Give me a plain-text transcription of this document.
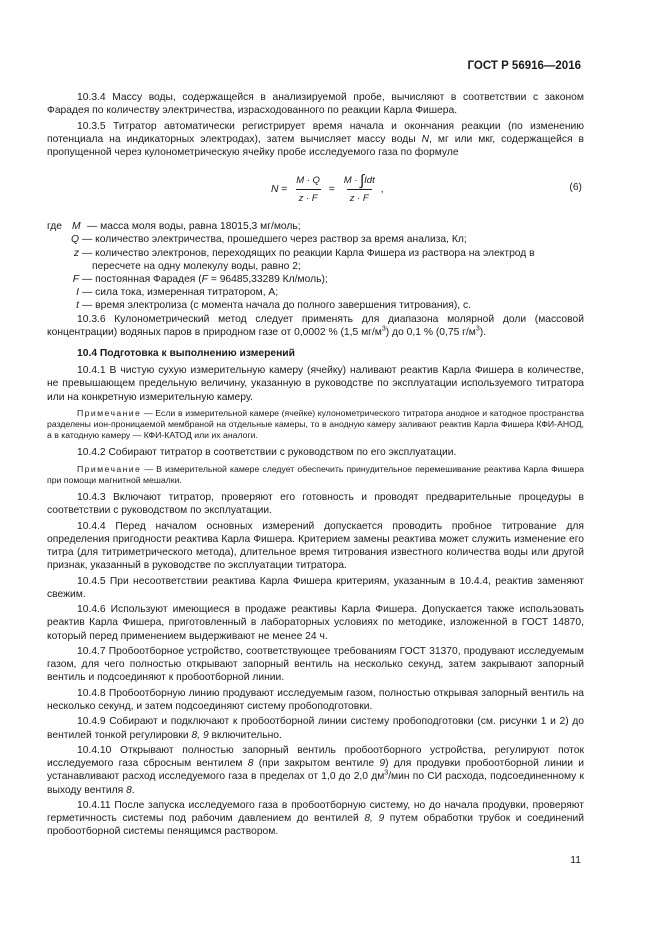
ГОСТ Р 56916—2016

10.3.4 Массу воды, содержащейся в анализируемой пробе, вычисляют в соответствии с законом Фарадея по количеству электричества, израсходованного по реакции Карла Фишера.

10.3.5 Титратор автоматически регистрирует время начала и окончания реакции (по изменению потенциала на индикаторных электродах), затем вычисляет массу воды N, мг или мкг, содержащейся в пропущенной через кулонометрическую ячейку пробе исследуемого газа по формуле

$N = \frac{M \cdot Q}{z \cdot F} = \frac{\text{M · ∫Idt}}{z \cdot F}$ ,	(6)
где M — масса моля воды, равна 18015,3 мг/моль;
Q — количество электричества, прошедшего через раствор за время анализа, Кл;
z — количество электронов, переходящих по реакции Карла Фишера из раствора на электрод в
пересчете на одну молекулу воды, равно 2;
F — постоянная Фарадея (F = 96485,33289 Кл/моль);
I — сила тока, измеренная титратором, А;
t — время электролиза (с момента начала до полного завершения титрования), с.

10.3.6 Кулонометрический метод следует применять для диапазона молярной доли (массовой концентрации) водяных паров в природном газе от 0,0002 % (1,5 $мг/м^3$) до 0,1 % (0,75 $г/м^3$).

10.4 Подготовка к выполнению измерений

10.4.1 В чистую сухую измерительную камеру (ячейку) наливают реактив Карла Фишера в количестве, не превышающем предельную величину, указанную в руководстве по эксплуатации используемого титратора или на конкретную измерительную камеру.

Примечание — Если в измерительной камере (ячейке) кулонометрического титратора анодное и катодное пространства разделены ион-проницаемой мембраной на отдельные камеры, то в анодную камеру заливают реактив Карла Фишера КФИ-АНОД, а в катодную камеру — КФИ-КАТОД или их аналоги.

10.4.2 Собирают титратор в соответствии с руководством по его эксплуатации.

Примечание — В измерительной камере следует обеспечить принудительное перемешивание реактива Карла Фишера при помощи магнитной мешалки.

10.4.3 Включают титратор, проверяют его готовность и проводят предварительные процедуры в соответствии с руководством по эксплуатации.

10.4.4 Перед началом основных измерений допускается проводить пробное титрование для определения пригодности реактива Карла Фишера. Критерием замены реактива может служить изменение его титра (для титриметрического метода), длительное время титрования известного количества воды или другой признак, указанный в руководстве по эксплуатации титратора.

10.4.5 При несоответствии реактива Карла Фишера критериям, указанным в 10.4.4, реактив заменяют свежим.

10.4.6 Используют имеющиеся в продаже реактивы Карла Фишера. Допускается также использовать реактив Карла Фишера, приготовленный в лабораторных условиях по методике, изложенной в ГОСТ 14870, который перед применением выдерживают не менее 24 ч.

10.4.7 Пробоотборное устройство, соответствующее требованиям ГОСТ 31370, продувают исследуемым газом, для чего полностью открывают запорный вентиль на несколько секунд, затем закрывают запорный вентиль и подсоединяют к пробоотборной линии.

10.4.8 Пробоотборную линию продувают исследуемым газом, полностью открывая запорный вентиль на несколько секунд, и затем подсоединяют систему пробоподготовки.

10.4.9 Собирают и подключают к пробоотборной линии систему пробоподготовки (см. рисунки 1 и 2) до вентилей тонкой регулировки 8, 9 включительно.

10.4.10 Открывают полностью запорный вентиль пробоотборного устройства, регулируют поток исследуемого газа сбросным вентилем 8 (при закрытом вентиле 9) для продувки пробоотборной линии и устанавливают расход исследуемого газа в пределах от 1,0 до 2,0 $дм^3$/мин по СИ расхода, подсоединенному к выходу вентиля 8.

10.4.11 После запуска исследуемого газа в пробоотборную систему, но до начала продувки, проверяют герметичность системы под рабочим давлением до вентилей 8, 9 путем обработки трубок и соединений пробоотборной системы пенящимся раствором.

11
